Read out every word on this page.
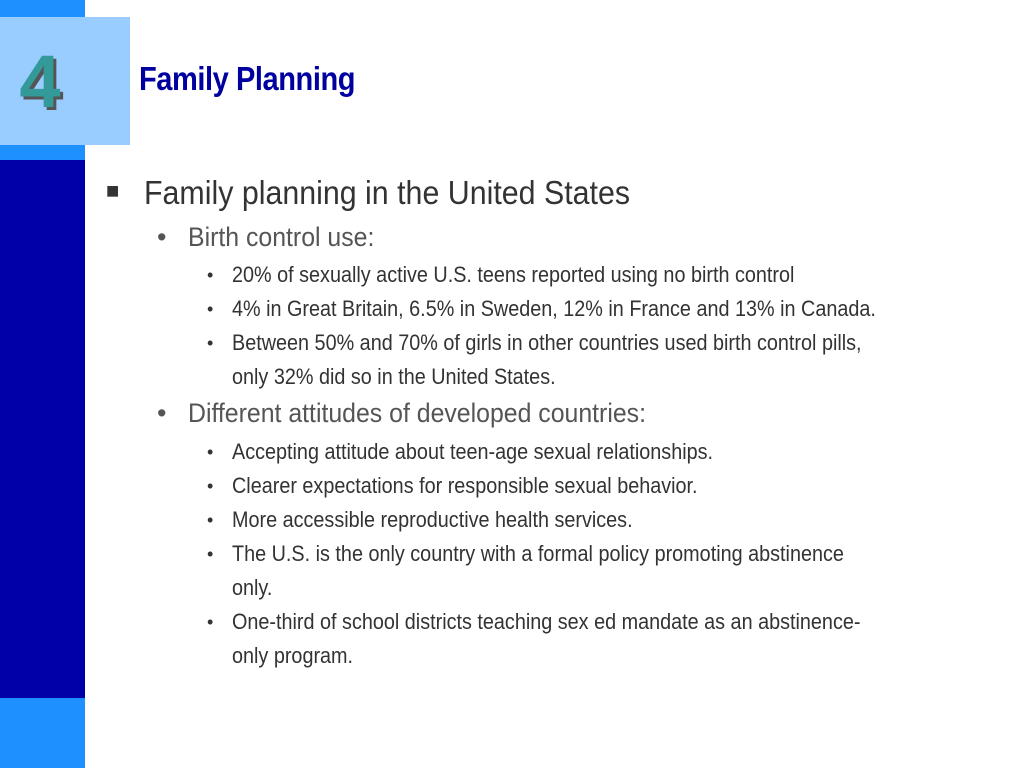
4	Family Planning
■ Family planning in the United States
• Birth control use:
• 20% of sexually active U.S. teens reported using no birth control
• 4% in Great Britain, 6.5% in Sweden, 12% in France and 13% in Canada.
• Between 50% and 70% of girls in other countries used birth control pills,
only 32% did so in the United States.
• Different attitudes of developed countries:
• Accepting attitude about teen-age sexual relationships.
• Clearer expectations for responsible sexual behavior.
• More accessible reproductive health services.
• The U.S. is the only country with a formal policy promoting abstinence
only.
• One-third of school districts teaching sex ed mandate as an abstinence-
only program.
